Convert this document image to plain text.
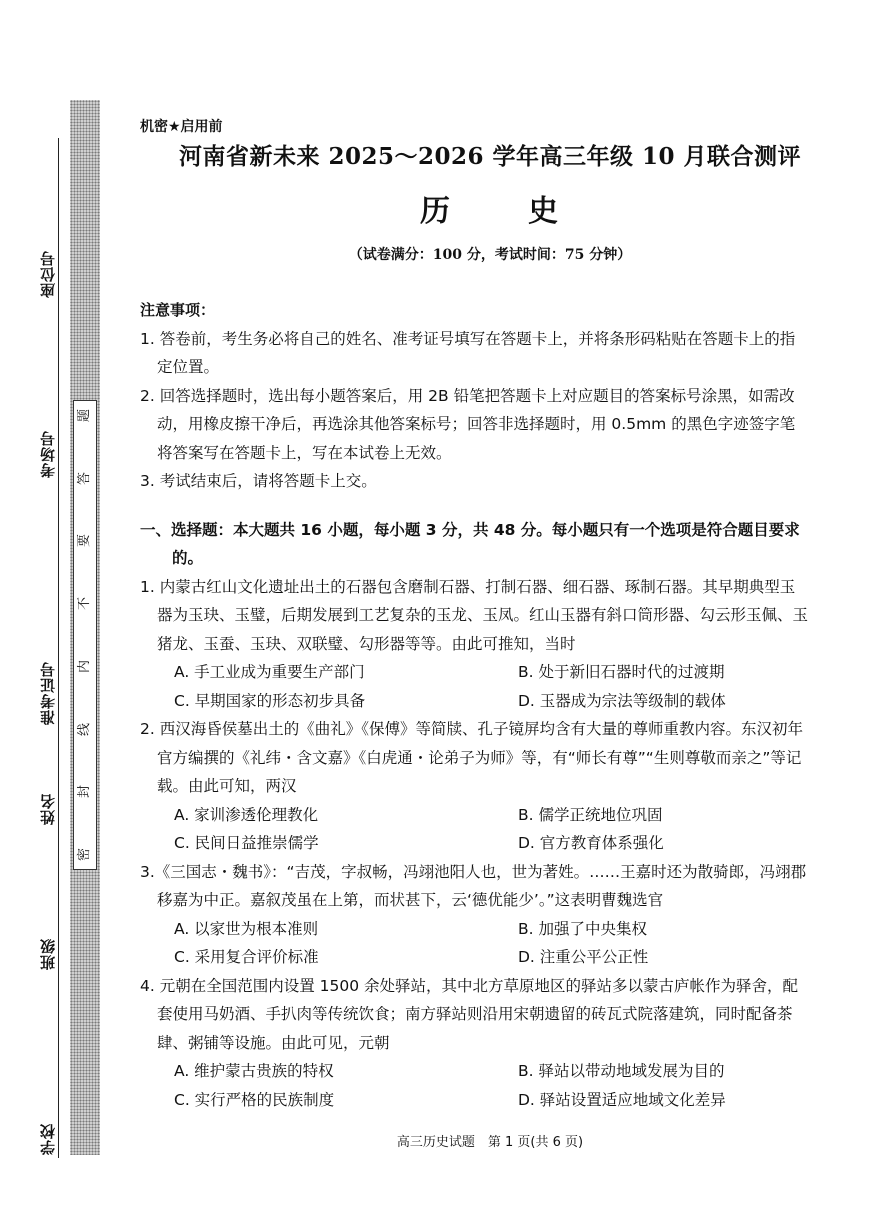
座位号
考场号
准考证号
姓名
班级
学校
题
答
要
不
内
线
封
密
机密★启用前
河南省新未来 2025～2026 学年高三年级 10 月联合测评
历	史
（试卷满分：100 分，考试时间：75 分钟）
注意事项：
1. 答卷前，考生务必将自己的姓名、准考证号填写在答题卡上，并将条形码粘贴在答题卡上的指定位置。
2. 回答选择题时，选出每小题答案后，用 2B 铅笔把答题卡上对应题目的答案标号涂黑，如需改动，用橡皮擦干净后，再选涂其他答案标号；回答非选择题时，用 0.5mm 的黑色字迹签字笔将答案写在答题卡上，写在本试卷上无效。
3. 考试结束后，请将答题卡上交。
一、选择题：本大题共 16 小题，每小题 3 分，共 48 分。每小题只有一个选项是符合题目要求的。
1. 内蒙古红山文化遗址出土的石器包含磨制石器、打制石器、细石器、琢制石器。其早期典型玉器为玉玦、玉璧，后期发展到工艺复杂的玉龙、玉凤。红山玉器有斜口筒形器、勾云形玉佩、玉猪龙、玉蚕、玉玦、双联璧、勾形器等等。由此可推知，当时
A. 手工业成为重要生产部门	B. 处于新旧石器时代的过渡期
C. 早期国家的形态初步具备	D. 玉器成为宗法等级制的载体
2. 西汉海昏侯墓出土的《曲礼》《保傅》等简牍、孔子镜屏均含有大量的尊师重教内容。东汉初年官方编撰的《礼纬・含文嘉》《白虎通・论弟子为师》等，有“师长有尊”“生则尊敬而亲之”等记载。由此可知，两汉
A. 家训渗透伦理教化	B. 儒学正统地位巩固
C. 民间日益推崇儒学	D. 官方教育体系强化
3.《三国志・魏书》：“吉茂，字叔畅，冯翊池阳人也，世为著姓。……王嘉时还为散骑郎，冯翊郡移嘉为中正。嘉叙茂虽在上第，而状甚下，云‘德优能少’。”这表明曹魏选官
A. 以家世为根本准则	B. 加强了中央集权
C. 采用复合评价标准	D. 注重公平公正性
4. 元朝在全国范围内设置 1500 余处驿站，其中北方草原地区的驿站多以蒙古庐帐作为驿舍，配套使用马奶酒、手扒肉等传统饮食；南方驿站则沿用宋朝遗留的砖瓦式院落建筑，同时配备茶肆、粥铺等设施。由此可见，元朝
A. 维护蒙古贵族的特权	B. 驿站以带动地域发展为目的
C. 实行严格的民族制度	D. 驿站设置适应地域文化差异
高三历史试题　第 1 页(共 6 页)
